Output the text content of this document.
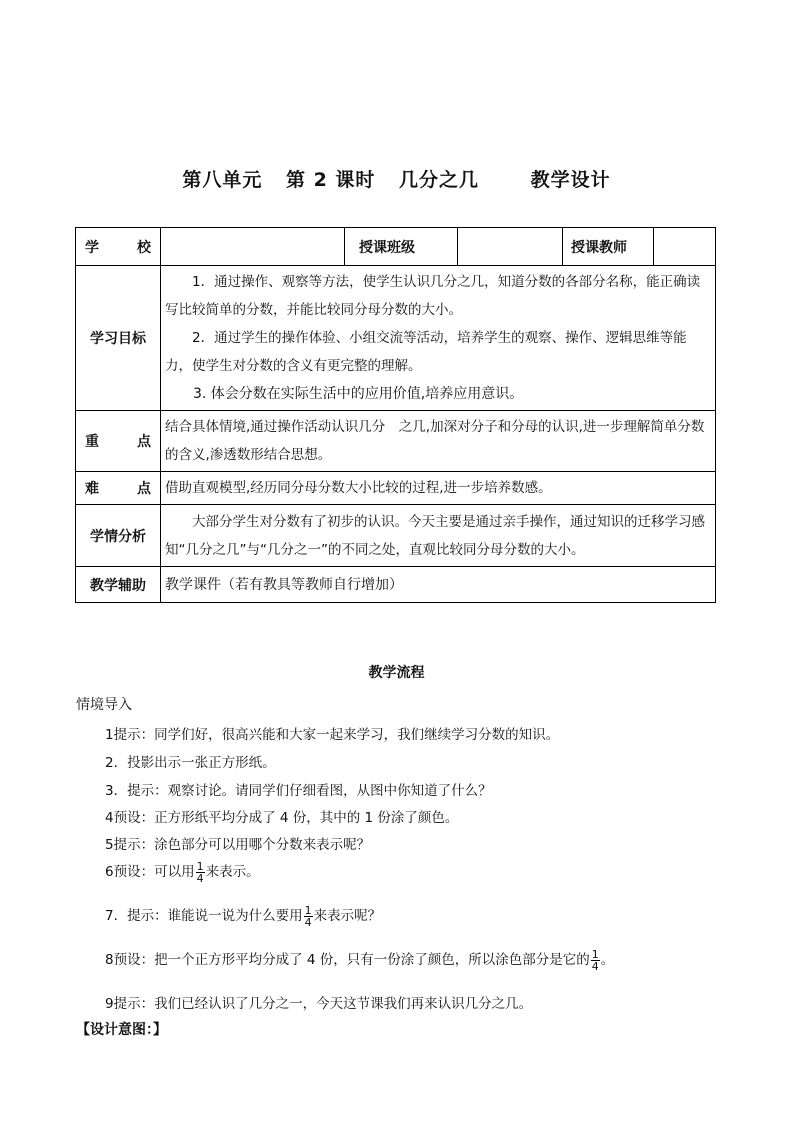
第八单元 第 2 课时 几分之几	教学设计
学 校		授课班级		授课教师	
学习目标	1．通过操作、观察等方法，使学生认识几分之几，知道分数的各部分名称，能正确读写比较简单的分数，并能比较同分母分数的大小。
2．通过学生的操作体验、小组交流等活动，培养学生的观察、操作、逻辑思维等能力，使学生对分数的含义有更完整的理解。
3. 体会分数在实际生活中的应用价值,培养应用意识。				

重 点	结合具体情境,通过操作活动认识几分　之几,加深对分子和分母的认识,进一步理解简单分数的含义,渗透数形结合思想。				

难 点	借助直观模型,经历同分母分数大小比较的过程,进一步培养数感。				

学情分析	大部分学生对分数有了初步的认识。今天主要是通过亲手操作，通过知识的迁移学习感知“几分之几”与“几分之一”的不同之处，直观比较同分母分数的大小。				

教学辅助	教学课件（若有教具等教师自行增加）				
教学流程
情境导入
1提示：同学们好，很高兴能和大家一起来学习，我们继续学习分数的知识。
2．投影出示一张正方形纸。
3．提示：观察讨论。请同学们仔细看图，从图中你知道了什么？
4预设：正方形纸平均分成了 4 份，其中的 1 份涂了颜色。
5提示：涂色部分可以用哪个分数来表示呢？
6预设：可以用 $\frac{1}{4}$ 来表示。
7．提示：谁能说一说为什么要用 $\frac{1}{4}$ 来表示呢？
8预设：把一个正方形平均分成了 4 份，只有一份涂了颜色，所以涂色部分是它的 $\frac{1}{4}$ 。
9提示：我们已经认识了几分之一，今天这节课我们再来认识几分之几。
【设计意图：】
